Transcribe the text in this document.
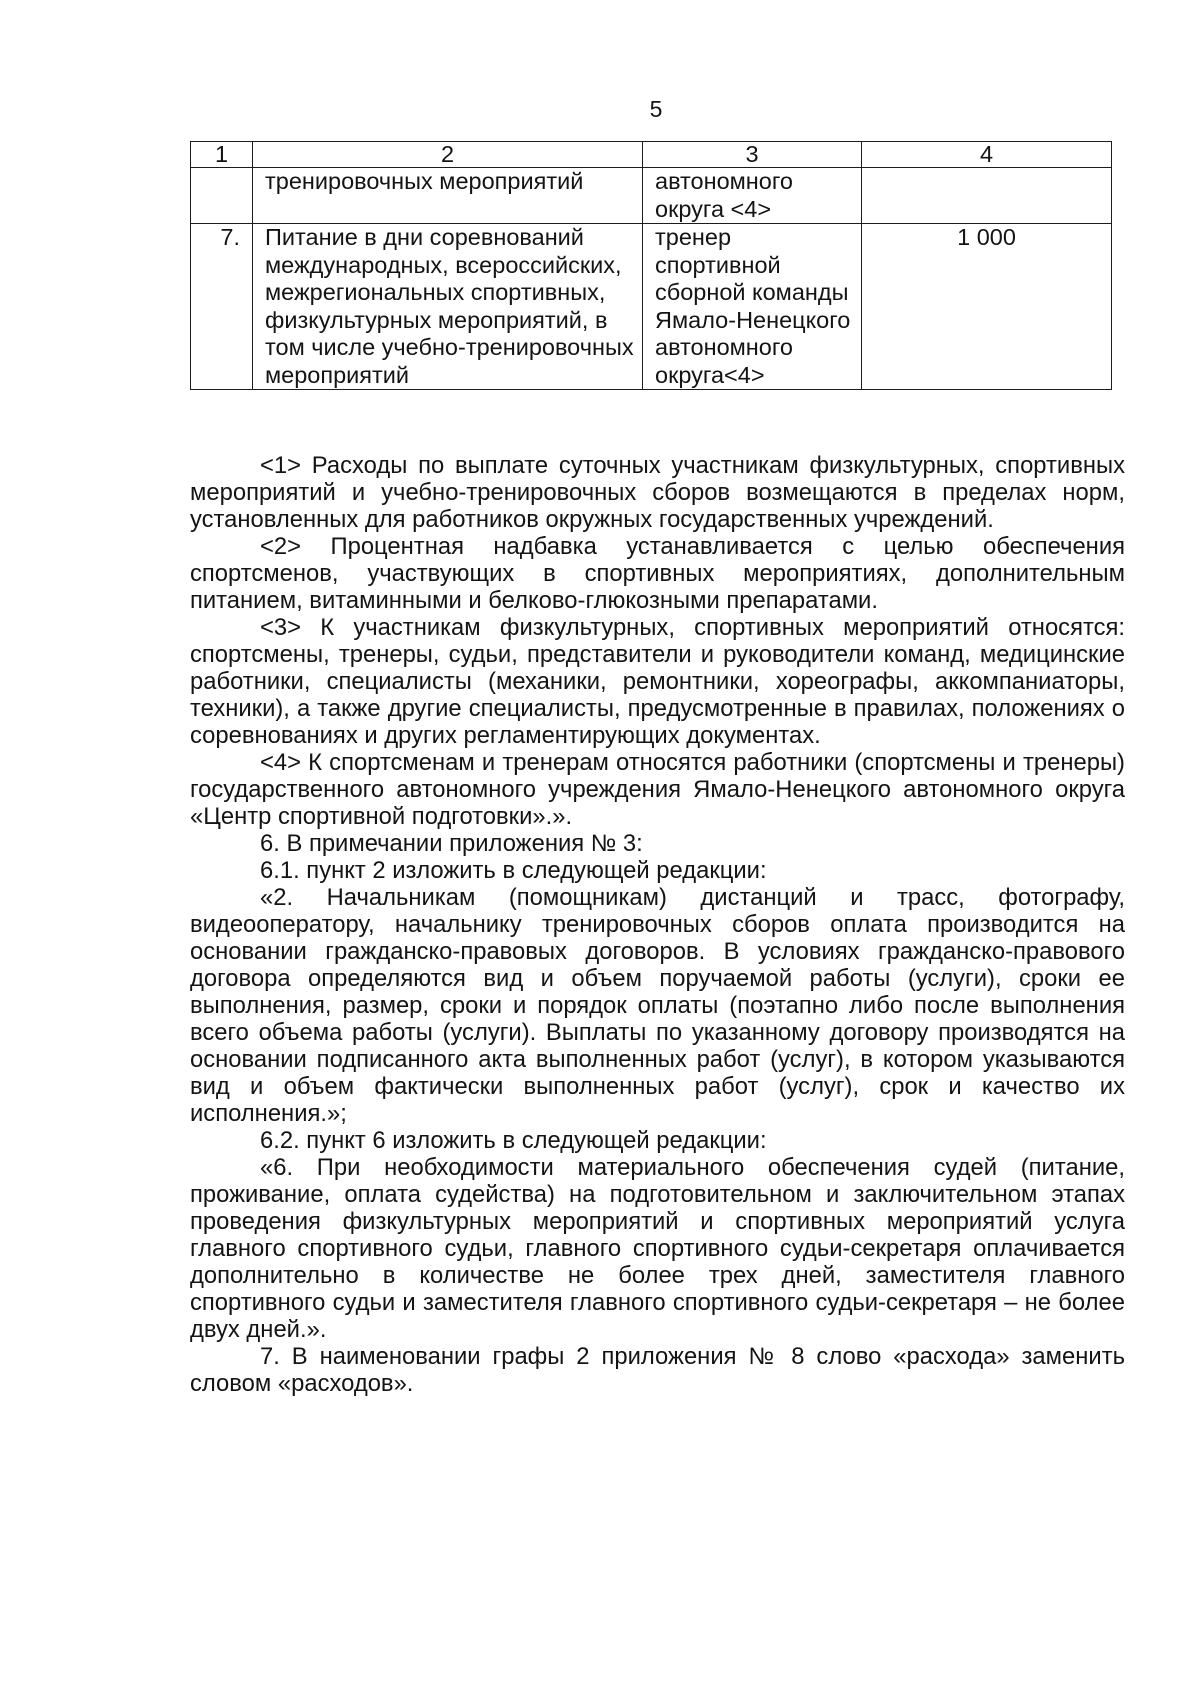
5
1	2	3	4
	тренировочных мероприятий	автономного округа <4>	
7.	Питание в дни соревнований международных, всероссийских, межрегиональных спортивных, физкультурных мероприятий, в том числе учебно-тренировочных мероприятий	тренер спортивной сборной команды Ямало-Ненецкого автономного округа<4>	1 000

<1> Расходы по выплате суточных участникам физкультурных, спортивных мероприятий и учебно-тренировочных сборов возмещаются в пределах норм, установленных для работников окружных государственных учреждений.

<2> Процентная надбавка устанавливается с целью обеспечения спортсменов, участвующих в спортивных мероприятиях, дополнительным питанием, витаминными и белково-глюкозными препаратами.

<3> К участникам физкультурных, спортивных мероприятий относятся: спортсмены, тренеры, судьи, представители и руководители команд, медицинские работники, специалисты (механики, ремонтники, хореографы, аккомпаниаторы, техники), а также другие специалисты, предусмотренные в правилах, положениях о соревнованиях и других регламентирующих документах.

<4> К спортсменам и тренерам относятся работники (спортсмены и тренеры) государственного автономного учреждения Ямало-Ненецкого автономного округа «Центр спортивной подготовки».».

6. В примечании приложения № 3:

6.1. пункт 2 изложить в следующей редакции:

«2. Начальникам (помощникам) дистанций и трасс, фотографу, видеооператору, начальнику тренировочных сборов оплата производится на основании гражданско-правовых договоров. В условиях гражданско-правового договора определяются вид и объем поручаемой работы (услуги), сроки ее выполнения, размер, сроки и порядок оплаты (поэтапно либо после выполнения всего объема работы (услуги). Выплаты по указанному договору производятся на основании подписанного акта выполненных работ (услуг), в котором указываются вид и объем фактически выполненных работ (услуг), срок и качество их исполнения.»;

6.2. пункт 6 изложить в следующей редакции:

«6. При необходимости материального обеспечения судей (питание, проживание, оплата судейства) на подготовительном и заключительном этапах проведения физкультурных мероприятий и спортивных мероприятий услуга главного спортивного судьи, главного спортивного судьи-секретаря оплачивается дополнительно в количестве не более трех дней, заместителя главного спортивного судьи и заместителя главного спортивного судьи-секретаря – не более двух дней.».

7. В наименовании графы 2 приложения № 8 слово «расхода» заменить словом «расходов».
